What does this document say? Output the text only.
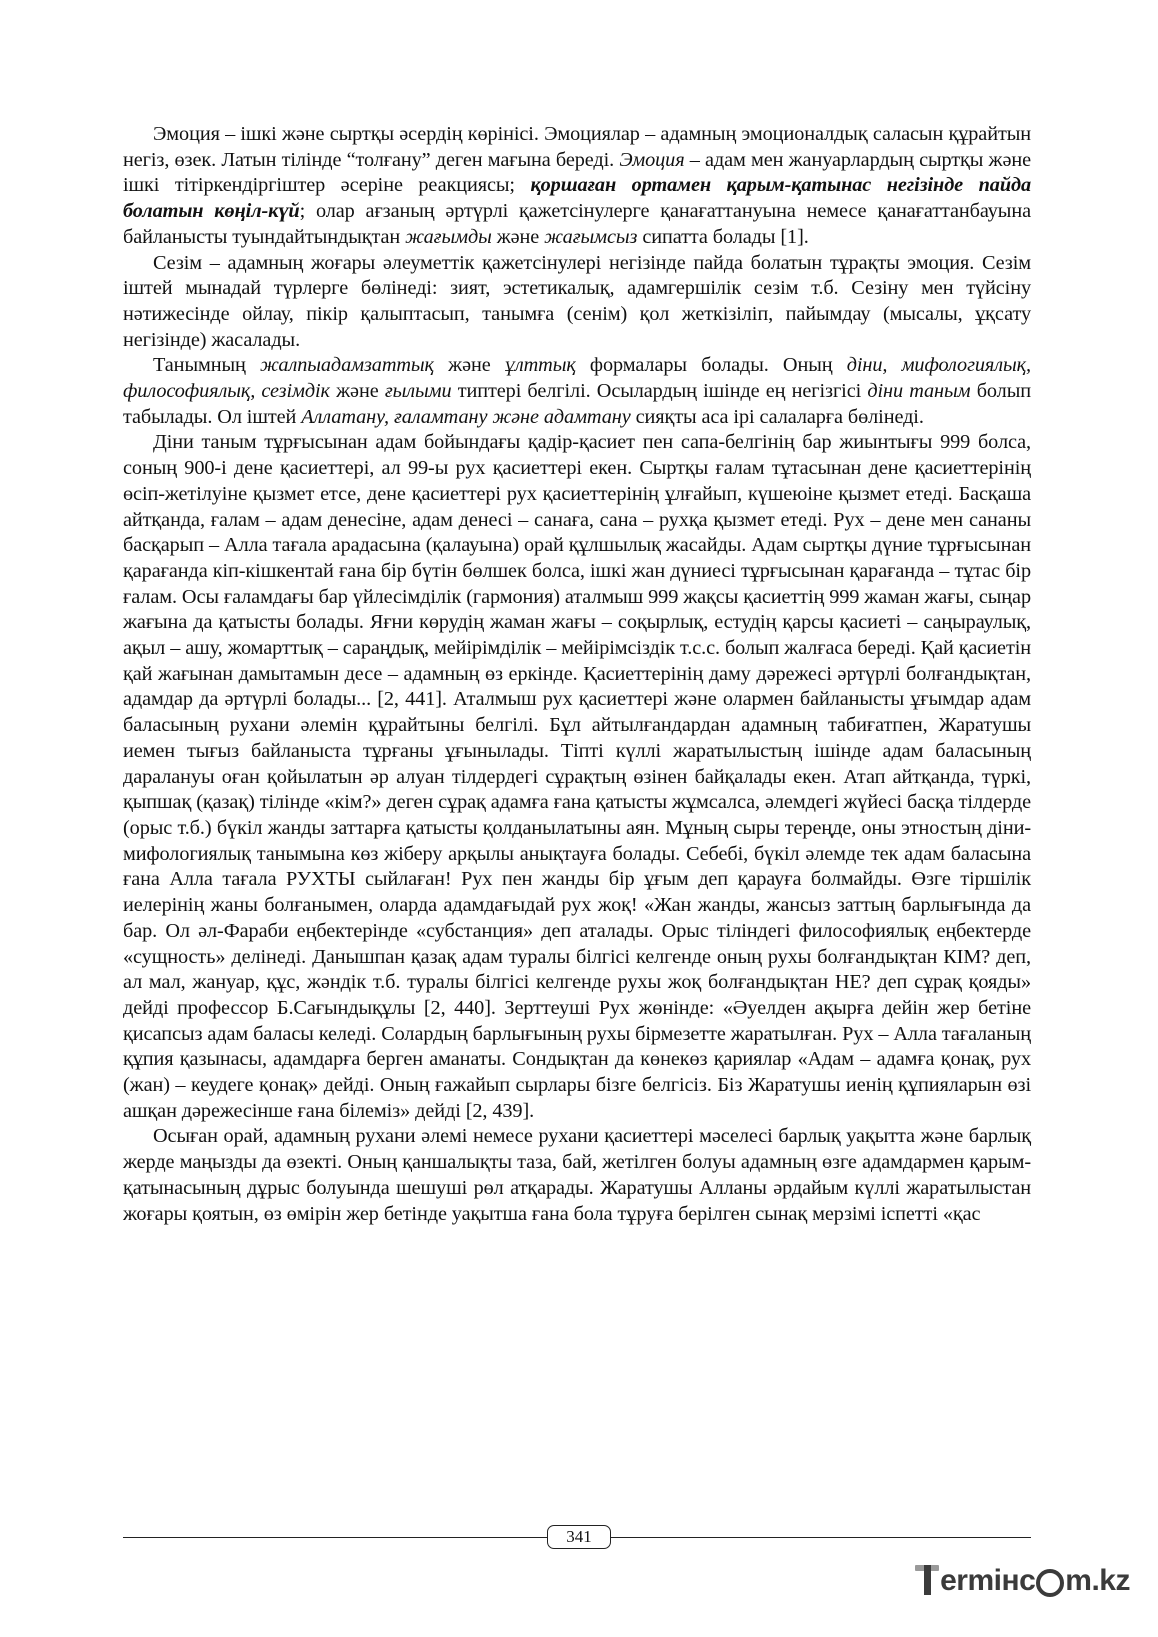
Эмоция – ішкі және сыртқы әсердің көрінісі. Эмоциялар – адамның эмоционалдық саласын құрайтын негіз, өзек. Латын тілінде “толғану” деген мағына береді. Эмоция – адам мен жануарлардың сыртқы және ішкі тітіркендіргіштер әсеріне реакциясы; қоршаған ортамен қарым-қатынас негізінде пайда болатын көңіл-күй; олар ағзаның әртүрлі қажетсінулерге қанағаттануына немесе қанағаттанбауына байланысты туындайтындықтан жағымды және жағымсыз сипатта болады [1].

Сезім – адамның жоғары әлеуметтік қажетсінулері негізінде пайда болатын тұрақты эмоция. Сезім іштей мынадай түрлерге бөлінеді: зият, эстетикалық, адамгершілік сезім т.б. Сезіну мен түйсіну нәтижесінде ойлау, пікір қалыптасып, танымға (сенім) қол жеткізіліп, пайымдау (мысалы, ұқсату негізінде) жасалады.

Танымның жалпыадамзаттық және ұлттық формалары болады. Оның діни, мифологиялық, философиялық, сезімдік және ғылыми типтері белгілі. Осылардың ішінде ең негізгісі діни таным болып табылады. Ол іштей Аллатану, ғаламтану және адамтану сияқты аса ірі салаларға бөлінеді.

Діни таным тұрғысынан адам бойындағы қадір-қасиет пен сапа-белгінің бар жиынтығы 999 болса, соның 900-і дене қасиеттері, ал 99-ы рух қасиеттері екен. Сыртқы ғалам тұтасынан дене қасиеттерінің өсіп-жетілуіне қызмет етсе, дене қасиеттері рух қасиеттерінің ұлғайып, күшеюіне қызмет етеді. Басқаша айтқанда, ғалам – адам денесіне, адам денесі – санаға, сана – рухқа қызмет етеді. Рух – дене мен сананы басқарып – Алла тағала арадасына (қалауына) орай құлшылық жасайды. Адам сыртқы дүние тұрғысынан қарағанда кіп-кішкентай ғана бір бүтін бөлшек болса, ішкі жан дүниесі тұрғысынан қарағанда – тұтас бір ғалам. Осы ғаламдағы бар үйлесімділік (гармония) аталмыш 999 жақсы қасиеттің 999 жаман жағы, сыңар жағына да қатысты болады. Яғни көрудің жаман жағы – соқырлық, естудің қарсы қасиеті – саңыраулық, ақыл – ашу, жомарттық – сараңдық, мейірімділік – мейірімсіздік т.с.с. болып жалғаса береді. Қай қасиетін қай жағынан дамытамын десе – адамның өз еркінде. Қасиеттерінің даму дәрежесі әртүрлі болғандықтан, адамдар да әртүрлі болады... [2, 441]. Аталмыш рух қасиеттері және олармен байланысты ұғымдар адам баласының рухани әлемін құрайтыны белгілі. Бұл айтылғандардан адамның табиғатпен, Жаратушы иемен тығыз байланыста тұрғаны ұғынылады. Тіпті күллі жаратылыстың ішінде адам баласының даралануы оған қойылатын әр алуан тілдердегі сұрақтың өзінен байқалады екен. Атап айтқанда, түркі, қыпшақ (қазақ) тілінде «кім?» деген сұрақ адамға ғана қатысты жұмсалса, әлемдегі жүйесі басқа тілдерде (орыс т.б.) бүкіл жанды заттарға қатысты қолданылатыны аян. Мұның сыры тереңде, оны этностың діни-мифологиялық танымына көз жіберу арқылы анықтауға болады. Себебі, бүкіл әлемде тек адам баласына ғана Алла тағала РУХТЫ сыйлаған! Рух пен жанды бір ұғым деп қарауға болмайды. Өзге тіршілік иелерінің жаны болғанымен, оларда адамдағыдай рух жоқ! «Жан жанды, жансыз заттың барлығында да бар. Ол әл-Фараби еңбектерінде «субстанция» деп аталады. Орыс тіліндегі философиялық еңбектерде «сущность» делінеді. Данышпан қазақ адам туралы білгісі келгенде оның рухы болғандықтан КІМ? деп, ал мал, жануар, құс, жәндік т.б. туралы білгісі келгенде рухы жоқ болғандықтан НЕ? деп сұрақ қояды» дейді профессор Б.Сағындықұлы [2, 440]. Зерттеуші Рух жөнінде: «Әуелден ақырға дейін жер бетіне қисапсыз адам баласы келеді. Солардың барлығының рухы бірмезетте жаратылған. Рух – Алла тағаланың құпия қазынасы, адамдарға берген аманаты. Сондықтан да көнекөз қариялар «Адам – адамға қонақ, рух (жан) – кеудеге қонақ» дейді. Оның ғажайып сырлары бізге белгісіз. Біз Жаратушы иенің құпияларын өзі ашқан дәрежесінше ғана білеміз» дейді [2, 439].

Осыған орай, адамның рухани әлемі немесе рухани қасиеттері мәселесі барлық уақытта және барлық жерде маңызды да өзекті. Оның қаншалықты таза, бай, жетілген болуы адамның өзге адамдармен қарым-қатынасының дұрыс болуында шешуші рөл атқарады. Жаратушы Алланы әрдайым күллі жаратылыстан жоғары қоятын, өз өмірін жер бетінде уақытша ғана бола тұруға берілген сынақ мерзімі іспетті «қас

341
ermінc m.kz
